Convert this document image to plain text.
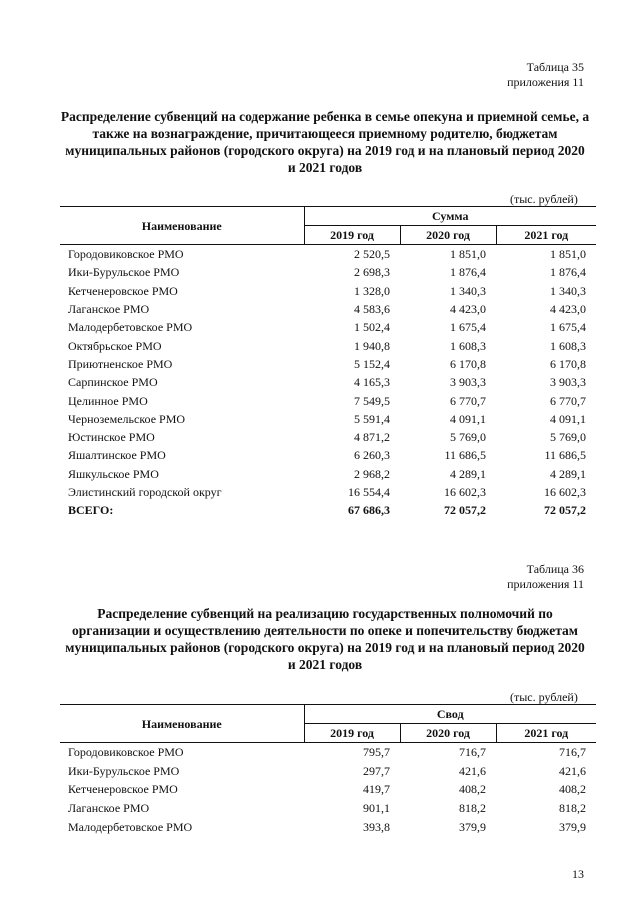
Таблица 35
приложения 11
Распределение субвенций на содержание ребенка в семье опекуна и приемной семье, а также на вознаграждение, причитающееся приемному родителю, бюджетам муниципальных районов (городского округа) на 2019 год и на плановый период 2020 и 2021 годов
(тыс. рублей)
Наименование	Сумма		
	2019 год	2020 год	2021 год
Городовиковское РМО	2 520,5	1 851,0	1 851,0
Ики-Бурульское РМО	2 698,3	1 876,4	1 876,4
Кетченеровское РМО	1 328,0	1 340,3	1 340,3
Лаганское РМО	4 583,6	4 423,0	4 423,0
Малодербетовское РМО	1 502,4	1 675,4	1 675,4
Октябрьское РМО	1 940,8	1 608,3	1 608,3
Приютненское РМО	5 152,4	6 170,8	6 170,8
Сарпинское РМО	4 165,3	3 903,3	3 903,3
Целинное РМО	7 549,5	6 770,7	6 770,7
Черноземельское РМО	5 591,4	4 091,1	4 091,1
Юстинское РМО	4 871,2	5 769,0	5 769,0
Яшалтинское РМО	6 260,3	11 686,5	11 686,5
Яшкульское РМО	2 968,2	4 289,1	4 289,1
Элистинский городской округ	16 554,4	16 602,3	16 602,3
ВСЕГО:	67 686,3	72 057,2	72 057,2
Таблица 36
приложения 11
Распределение субвенций на реализацию государственных полномочий по организации и осуществлению деятельности по опеке и попечительству бюджетам муниципальных районов (городского округа) на 2019 год и на плановый период 2020 и 2021 годов
(тыс. рублей)
Наименование	Свод		
	2019 год	2020 год	2021 год
Городовиковское РМО	795,7	716,7	716,7
Ики-Бурульское РМО	297,7	421,6	421,6
Кетченеровское РМО	419,7	408,2	408,2
Лаганское РМО	901,1	818,2	818,2
Малодербетовское РМО	393,8	379,9	379,9
13
